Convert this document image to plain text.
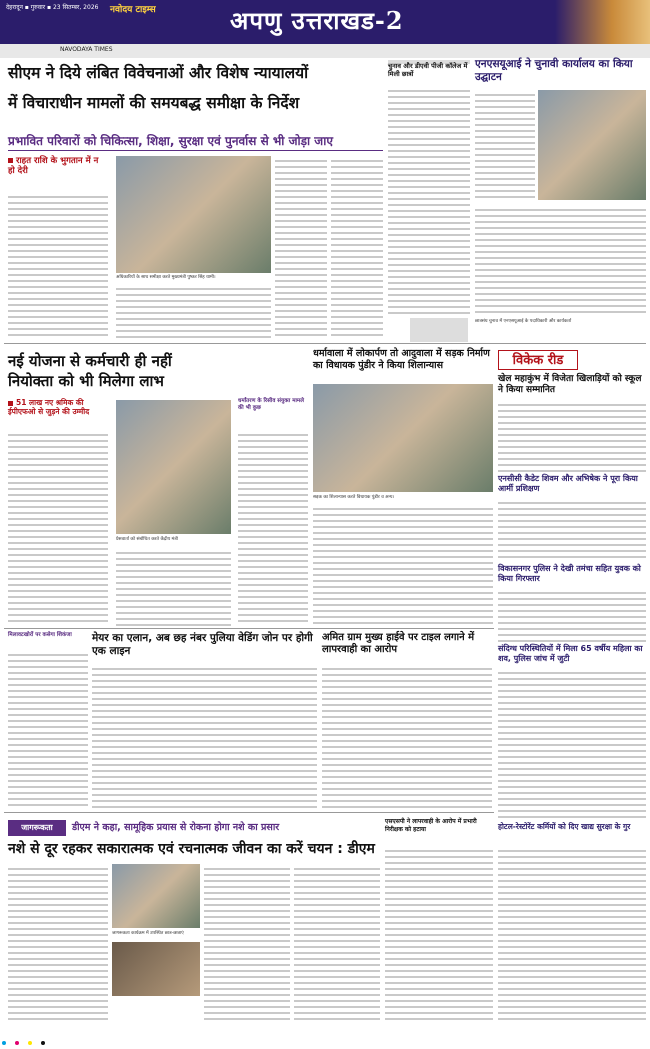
देहरादून ▪ गुरुवार ▪ 23 सितम्बर, 2026 नवोदय टाइम्स	अपणु उत्तराखड-2
NAVODAYA TIMES
सीएम ने दिये लंबित विवेचनाओं और विशेष न्यायालयों
में विचाराधीन मामलों की समयबद्ध समीक्षा के निर्देश
प्रभावित परिवारों को चिकित्सा, शिक्षा, सुरक्षा एवं पुनर्वास से भी जोड़ा जाए
राहत राशि के भुगतान में न हो देरी
अधिकारियों के साथ समीक्षा करते मुख्यमंत्री पुष्कर सिंह धामी।
चुनाव और डीएवी पीजी कॉलेज में मिली छात्रों
एनएसयूआई ने चुनावी कार्यालय का किया उद्घाटन
छात्रसंघ चुनाव में एनएसयूआई के पदाधिकारी और कार्यकर्ता
नई योजना से कर्मचारी ही नहीं
नियोक्ता को भी मिलेगा लाभ
51 लाख नए श्रमिक की ईपीएफओ से जुड़ने की उम्मीद
प्रेसवार्ता को संबोधित करते केंद्रीय मंत्री
धर्मांतरण के रिसीव संयुक्त मामले की भी कुछ
धर्मावाला में लोकार्पण तो आदुवाला में सड़क निर्माण का विधायक पुंडीर ने किया शिलान्यास
सड़क का शिलान्यास करते विधायक पुंडीर व अन्य।
विकेक रीड
खेल महाकुंभ में विजेता खिलाड़ियों को स्कूल ने किया सम्मानित
एनसीसी कैडेट शिवम और अभिषेक ने पूरा किया आर्मी प्रशिक्षण
विकासनगर पुलिस ने देखी तमंचा सहित युवक को किया गिरफ्तार
संदिग्ध परिस्थितियों में मिला 65 वर्षीय महिला का शव, पुलिस जांच में जुटी
मिलावटखोरों पर कसेगा शिकंजा	मेयर का एलान, अब छह नंबर पुलिया वेडिंग जोन पर होगी एक लाइन
अमित ग्राम मुख्य हाईवे पर टाइल लगाने में लापरवाही का आरोप
जागरूकता	डीएम ने कहा, सामूहिक प्रयास से रोकना होगा नशे का प्रसार
नशे से दूर रहकर सकारात्मक एवं रचनात्मक जीवन का करें चयन : डीएम
जागरूकता कार्यक्रम में उपस्थित छात्र-छात्राएं
एसएसपी ने लापरवाही के आरोप में प्रभारी निरीक्षक को हटाया	होटल-रेस्टोरेंट कर्मियों को दिए खाद्य सुरक्षा के गुर
